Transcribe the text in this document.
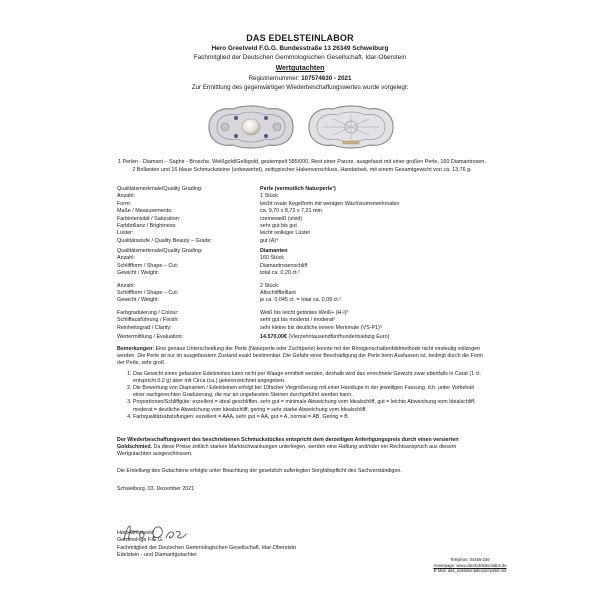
DAS EDELSTEINLABOR
Hero Greetveld F.G.G. Bundesstraße 13 26349 Schweiburg
Fachmitglied der Deutschen Gemmologischen Gesellschaft, Idar-Oberstein
Wertgutachten
Registriernummer: 107574630 - 2021
Zur Ermittlung des gegenwärtigen Wiederbeschaffungswertes wurde vorgelegt:
1 Perlen - Diamant – Saphir - Brosche, Weißgold/Gelbgold, gestempelt 585/000, Rest einer Parure, ausgefasst mit einer großen Perle, 160 Diamantrosen, 2 Brillanten und 16 blaue Schmucksteine (unbewertet), zeittypischer Hakenverschluss, Handarbeit, mit einem Gesamtgewicht von ca. 13,76 g.
Qualitätsmerkmale/Quality Grading:	Perle (vermutlich Naturperle¹)
Anzahl:	1 Stück
Form:	leicht ovale Kegelform mit wenigen Wachstumsmerkmalen
Maße / Measurements:	ca. 9,70 x 8,72 x 7,21 mm
Farbintensität / Saturation:	cremeweiß (vivid)
Farbbrillanz / Brightness:	sehr gut bis gut
Lüster:	leicht wolkiger Lüster
Qualitätsstufe / Quality Beauty – Grade:	gut (A)⁴
Qualitätsmerkmale/Quality Grading:	Diamanten
Anzahl:	160 Stück
Schliffform / Shape – Cut:	Diamantrosenschliff
Gewicht / Weight:	total ca. 0,20 ct.²
Anzahl:	2 Stück
Schliffform / Shape – Cut:	Altschliffbrillant
Gewicht / Weight:	je ca. 0,045 ct. = total ca. 0,09 ct.²
Farbgraduierung / Colour:	Weiß bis leicht getöntes Weiß+ (H-I)³
Schliffausführung / Finish:	sehr gut bis moderat / moderat⁵
Reinheitsgrad / Clarity:	sehr kleine bis deutliche innere Merkmale (VS-P1)³
Wertermittlung / Evaluation:	14.570,00€ (Vierzehntausendfünfhundertsiebzig Euro)
Bemerkungen: Eine genaue Unterscheidung der Perle (Naturperle oder Zuchtperle) konnte mit der Röntgenschattenbildmethode nicht eindeutig vollzogen werden. Die Perle ist nur im ausgefasstem Zustand exakt bestimmbar. Die Gefahr einer Beschädigung der Perle beim Ausfassen ist, bedingt durch die Form der Perle, sehr groß.
1. Das Gewicht eines gefassten Edelsteines kann nicht per Waage ermittelt werden, deshalb wird das errechnete Gewicht zwar ebenfalls in Carat (1 ct. entspricht 0,2 g) aber mit Circa (ca.) gekennzeichnet angegeben.
2. Die Bewertung von Diamanten / Edelsteinen erfolgt bei 10facher Vergrößerung mit einer Handlupe in der jeweiligen Fassung, d.h. unter Vorbehalt einer sachgerechten Graduierung, die nur an ungefassten Steinen durchgeführt werden kann.
3. Proportionen/Schliffgüte: exzellent = ideal geschliffen, sehr gut = minimale Abweichung vom Idealschliff, gut = leichte Abweichung vom Idealschliff, moderat = deutliche Abweichung vom Idealschliff, gering = sehr starke Abweichung vom Idealschliff.
4. Farbqualitätsabstufungen: exzellent = AAA, sehr gut = AA, gut = A, normal = AB, Gering = B
Der Wiederbeschaffungswert des beschriebenen Schmuckstückes entspricht dem derzeitigen Anfertigungspreis durch einen versierten Goldschmied. Da diese Preise zeitlich starken Marktschwankungen unterliegen, werden eine Haftung und/oder ein Rechtsanspruch aus diesem Wertgutachten ausgeschlossen.
Die Erstellung des Gutachtens erfolgte unter Beachtung der gesetzlich auferlegten Sorgfaltspflicht des Sachverständigen.
Schweiburg, 03. Dezember 2021
Hero Greetveld
Gemmologe F.G.G.
Fachmitglied der Deutschen Gemmologischen Gesellschaft, Idar-Oberstein
Edelstein - und Diamantgutachter
Telephon: 04455-236
Homepage: www.das-Edelsteinlabor.de
E-Mail: das_edelsteinlabor@ewetel.net
